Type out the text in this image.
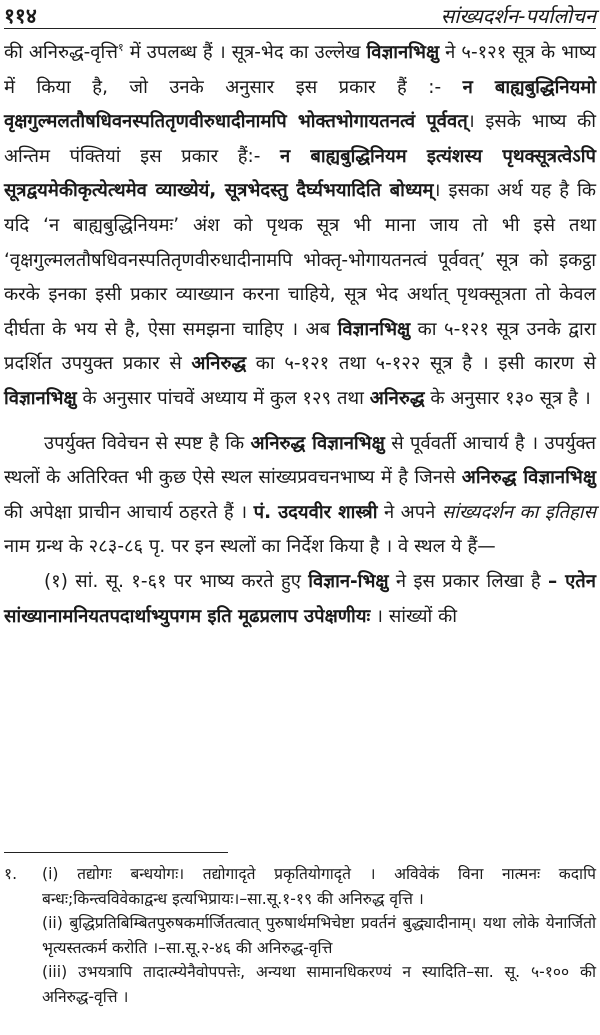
११४	सांख्यदर्शन-पर्यालोचन

की अनिरुद्ध-वृत्ति$^१$ में उपलब्ध हैं । सूत्र-भेद का उल्लेख विज्ञानभिक्षु ने ५-१२१ सूत्र के भाष्य में किया है, जो उनके अनुसार इस प्रकार हैं :- न बाह्यबुद्धिनियमो वृक्षगुल्मलतौषधिवनस्पतितृणवीरुधादीनामपि भोक्तभोगायतनत्वं पूर्ववत्। इसके भाष्य की अन्तिम पंक्तियां इस प्रकार हैं:- न बाह्यबुद्धिनियम इत्यंशस्य पृथक्सूत्रत्वेऽपि सूत्रद्वयमेकीकृत्येत्थमेव व्याख्येयं, सूत्रभेदस्तु दैर्घ्यभयादिति बोध्यम्। इसका अर्थ यह है कि यदि ‘न बाह्यबुद्धिनियमः’ अंश को पृथक सूत्र भी माना जाय तो भी इसे तथा ‘वृक्षगुल्मलतौषधिवनस्पतितृणवीरुधादीनामपि भोक्तृ-भोगायतनत्वं पूर्ववत्’ सूत्र को इकट्ठा करके इनका इसी प्रकार व्याख्यान करना चाहिये, सूत्र भेद अर्थात् पृथक्सूत्रता तो केवल दीर्घता के भय से है, ऐसा समझना चाहिए । अब विज्ञानभिक्षु का ५-१२१ सूत्र उनके द्वारा प्रदर्शित उपयुक्त प्रकार से अनिरुद्ध का ५-१२१ तथा ५-१२२ सूत्र है । इसी कारण से विज्ञानभिक्षु के अनुसार पांचवें अध्याय में कुल १२९ तथा अनिरुद्ध के अनुसार १३० सूत्र है ।

उपर्युक्त विवेचन से स्पष्ट है कि अनिरुद्ध विज्ञानभिक्षु से पूर्ववर्ती आचार्य है । उपर्युक्त स्थलों के अतिरिक्त भी कुछ ऐसे स्थल सांख्यप्रवचनभाष्य में है जिनसे अनिरुद्ध विज्ञानभिक्षु की अपेक्षा प्राचीन आचार्य ठहरते हैं । पं. उदयवीर शास्त्री ने अपने सांख्यदर्शन का इतिहास नाम ग्रन्थ के २८३-८६ पृ. पर इन स्थलों का निर्देश किया है । वे स्थल ये हैं—

(१) सां. सू. १-६१ पर भाष्य करते हुए विज्ञान-भिक्षु ने इस प्रकार लिखा है – एतेन सांख्यानामनियतपदार्थाभ्युपगम इति मूढप्रलाप उपेक्षणीयः । सांख्यों की

१.	(i) तद्योगः बन्धयोगः। तद्योगादृते प्रकृतियोगादृते । अविवेकं विना नात्मनः कदापि बन्धः;किन्त्वविवेकाद्वन्ध इत्यभिप्रायः।–सा.सू.१-१९ की अनिरुद्ध वृत्ति ।
(ii) बुद्धिप्रतिबिम्बितपुरुषकर्मार्जितत्वात् पुरुषार्थमभिचेष्टा प्रवर्तनं बुद्ध्यादीनाम्। यथा लोके येनार्जितो भृत्यस्तत्कर्म करोति ।–सा.सू.२-४६ की अनिरुद्ध-वृत्ति
(iii) उभयत्रापि तादात्म्येनैवोपपत्तेः, अन्यथा सामानधिकरण्यं न स्यादिति–सा. सू. ५-१०० की अनिरुद्ध-वृत्ति ।
